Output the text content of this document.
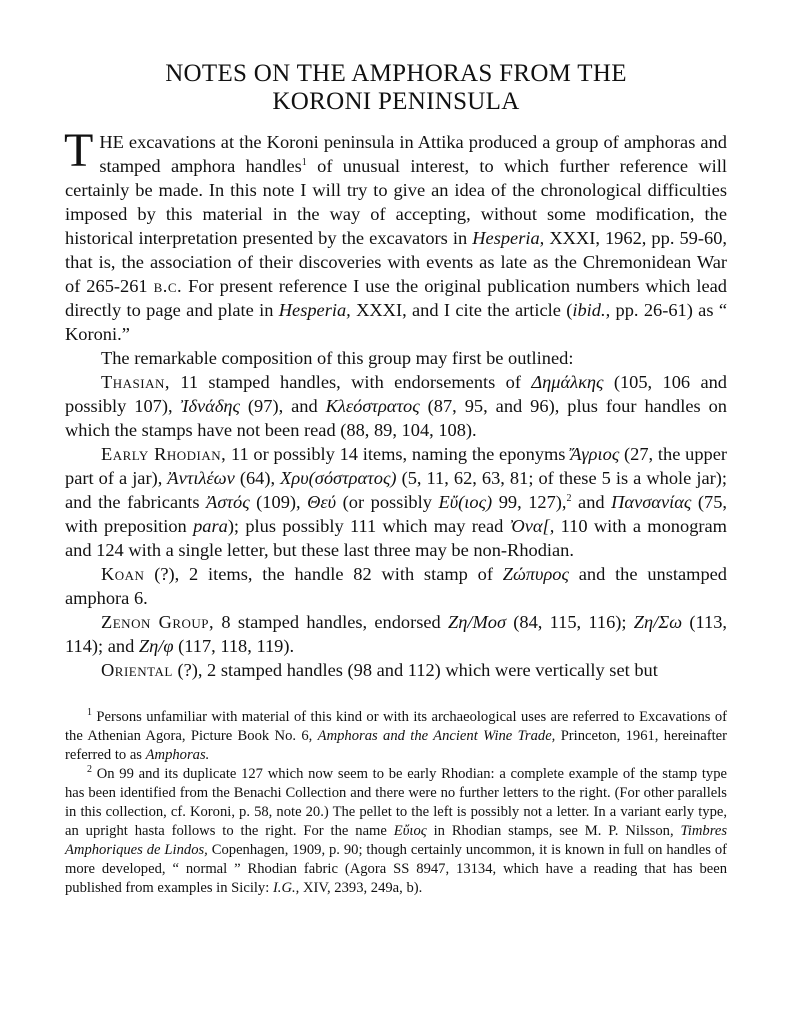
NOTES ON THE AMPHORAS FROM THE
KORONI PENINSULA
THE excavations at the Koroni peninsula in Attika produced a group of amphoras and stamped amphora handles$^1$ of unusual interest, to which further reference will certainly be made. In this note I will try to give an idea of the chronological difficulties imposed by this material in the way of accepting, without some modification, the historical interpretation presented by the excavators in Hesperia, XXXI, 1962, pp. 59-60, that is, the association of their discoveries with events as late as the Chremonidean War of 265-261 b.c. For present reference I use the original publication numbers which lead directly to page and plate in Hesperia, XXXI, and I cite the article (ibid., pp. 26-61) as “ Koroni.”

The remarkable composition of this group may first be outlined:

Thasian, 11 stamped handles, with endorsements of Δημάλκης (105, 106 and possibly 107), Ἰδνάδης (97), and Κλεόστρατος (87, 95, and 96), plus four handles on which the stamps have not been read (88, 89, 104, 108).

Early Rhodian, 11 or possibly 14 items, naming the eponyms Ἄγριος (27, the upper part of a jar), Ἀντιλέων (64), Χρυ(σόστρατος) (5, 11, 62, 63, 81; of these 5 is a whole jar); and the fabricants Ἀστός (109), Θεύ (or possibly Εὔ(ιος) 99, 127),$^2$ and Πανσανίας (75, with preposition para); plus possibly 111 which may read Ὀνα[, 110 with a monogram and 124 with a single letter, but these last three may be non-Rhodian.

Koan (?), 2 items, the handle 82 with stamp of Ζώπυρος and the unstamped amphora 6.

Zenon Group, 8 stamped handles, endorsed Ζη/Μοσ (84, 115, 116); Ζη/Σω (113, 114); and Ζη/φ (117, 118, 119).

Oriental (?), 2 stamped handles (98 and 112) which were vertically set but

$^1$ Persons unfamiliar with material of this kind or with its archaeological uses are referred to Excavations of the Athenian Agora, Picture Book No. 6, Amphoras and the Ancient Wine Trade, Princeton, 1961, hereinafter referred to as Amphoras.

$^2$ On 99 and its duplicate 127 which now seem to be early Rhodian: a complete example of the stamp type has been identified from the Benachi Collection and there were no further letters to the right. (For other parallels in this collection, cf. Koroni, p. 58, note 20.) The pellet to the left is possibly not a letter. In a variant early type, an upright hasta follows to the right. For the name Εὔιος in Rhodian stamps, see M. P. Nilsson, Timbres Amphoriques de Lindos, Copenhagen, 1909, p. 90; though certainly uncommon, it is known in full on handles of more developed, “ normal ” Rhodian fabric (Agora SS 8947, 13134, which have a reading that has been published from examples in Sicily: I.G., XIV, 2393, 249a, b).
